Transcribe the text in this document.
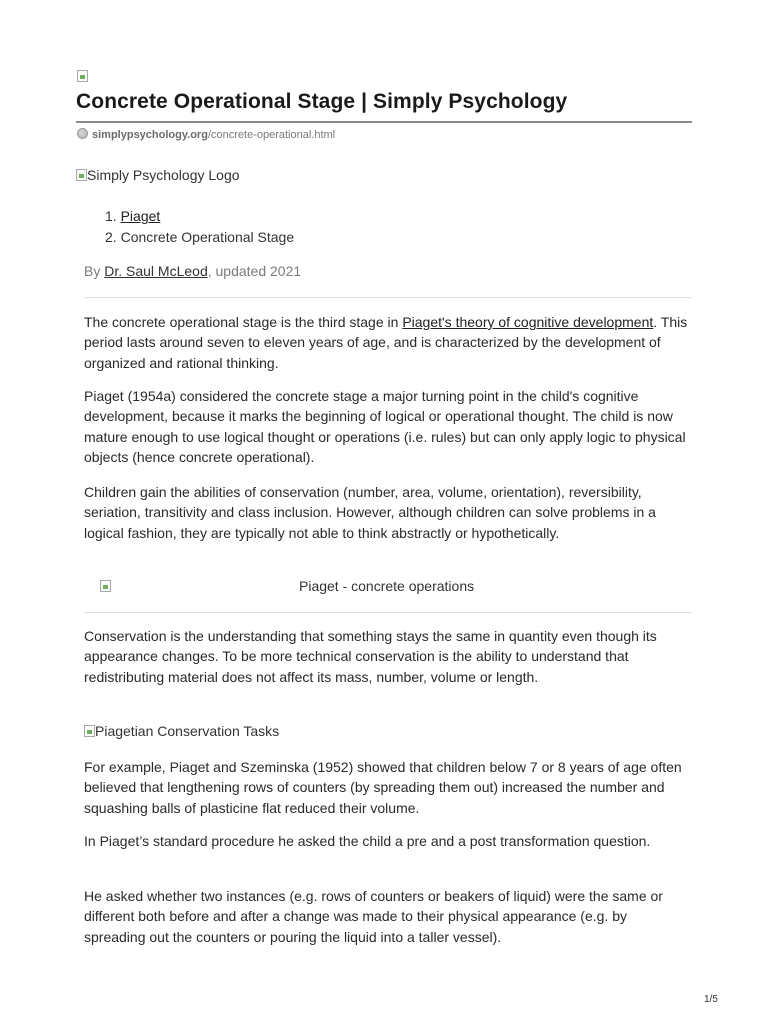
Concrete Operational Stage | Simply Psychology
simplypsychology.org/concrete-operational.html
Simply Psychology Logo
1. Piaget
2. Concrete Operational Stage
By Dr. Saul McLeod, updated 2021

The concrete operational stage is the third stage in Piaget's theory of cognitive development. This period lasts around seven to eleven years of age, and is characterized by the development of organized and rational thinking.

Piaget (1954a) considered the concrete stage a major turning point in the child's cognitive development, because it marks the beginning of logical or operational thought. The child is now mature enough to use logical thought or operations (i.e. rules) but can only apply logic to physical objects (hence concrete operational).

Children gain the abilities of conservation (number, area, volume, orientation), reversibility, seriation, transitivity and class inclusion. However, although children can solve problems in a logical fashion, they are typically not able to think abstractly or hypothetically.

Piaget - concrete operations

Conservation is the understanding that something stays the same in quantity even though its appearance changes. To be more technical conservation is the ability to understand that redistributing material does not affect its mass, number, volume or length.

Piagetian Conservation Tasks

For example, Piaget and Szeminska (1952) showed that children below 7 or 8 years of age often believed that lengthening rows of counters (by spreading them out) increased the number and squashing balls of plasticine flat reduced their volume.

In Piaget’s standard procedure he asked the child a pre and a post transformation question.

He asked whether two instances (e.g. rows of counters or beakers of liquid) were the same or different both before and after a change was made to their physical appearance (e.g. by spreading out the counters or pouring the liquid into a taller vessel).

1/5
